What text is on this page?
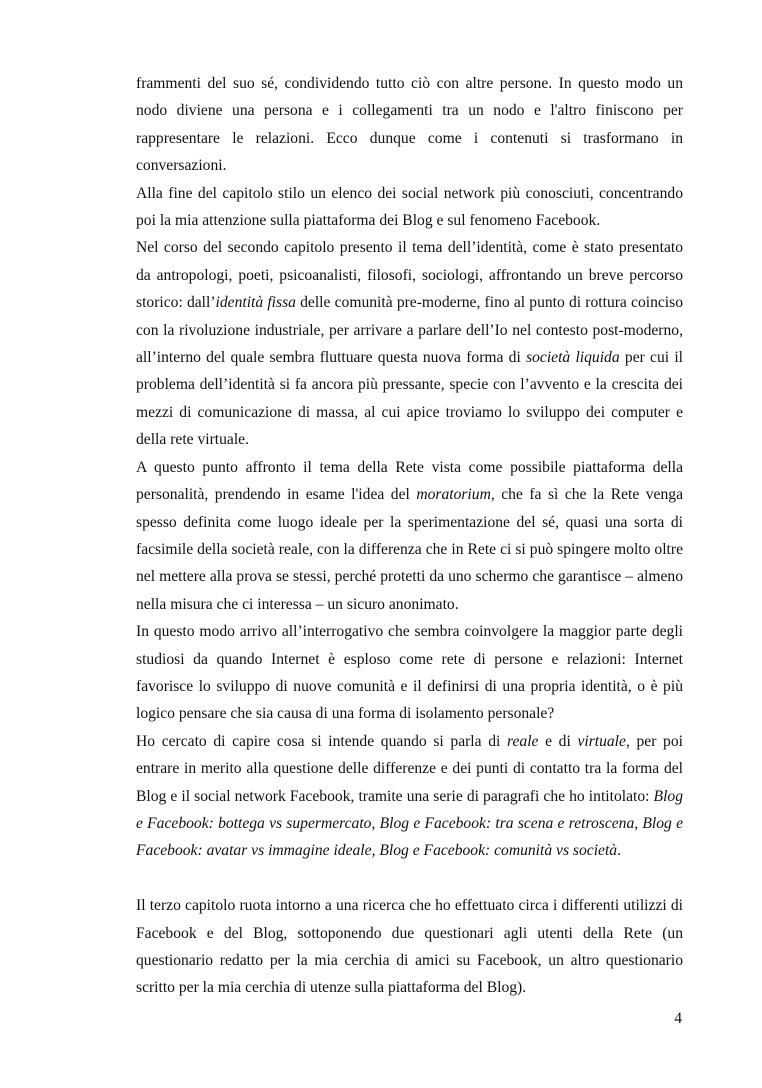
frammenti del suo sé, condividendo tutto ciò con altre persone. In questo modo un nodo diviene una persona e i collegamenti tra un nodo e l'altro finiscono per rappresentare le relazioni. Ecco dunque come i contenuti si trasformano in conversazioni.

Alla fine del capitolo stilo un elenco dei social network più conosciuti, concentrando poi la mia attenzione sulla piattaforma dei Blog e sul fenomeno Facebook.

Nel corso del secondo capitolo presento il tema dell’identità, come è stato presentato da antropologi, poeti, psicoanalisti, filosofi, sociologi, affrontando un breve percorso storico: dall’identità fissa delle comunità pre-moderne, fino al punto di rottura coinciso con la rivoluzione industriale, per arrivare a parlare dell’Io nel contesto post-moderno, all’interno del quale sembra fluttuare questa nuova forma di società liquida per cui il problema dell’identità si fa ancora più pressante, specie con l’avvento e la crescita dei mezzi di comunicazione di massa, al cui apice troviamo lo sviluppo dei computer e della rete virtuale.

A questo punto affronto il tema della Rete vista come possibile piattaforma della personalità, prendendo in esame l'idea del moratorium, che fa sì che la Rete venga spesso definita come luogo ideale per la sperimentazione del sé, quasi una sorta di facsimile della società reale, con la differenza che in Rete ci si può spingere molto oltre nel mettere alla prova se stessi, perché protetti da uno schermo che garantisce – almeno nella misura che ci interessa – un sicuro anonimato.

In questo modo arrivo all’interrogativo che sembra coinvolgere la maggior parte degli studiosi da quando Internet è esploso come rete di persone e relazioni: Internet favorisce lo sviluppo di nuove comunità e il definirsi di una propria identità, o è più logico pensare che sia causa di una forma di isolamento personale?

Ho cercato di capire cosa si intende quando si parla di reale e di virtuale, per poi entrare in merito alla questione delle differenze e dei punti di contatto tra la forma del Blog e il social network Facebook, tramite una serie di paragrafi che ho intitolato: Blog e Facebook: bottega vs supermercato, Blog e Facebook: tra scena e retroscena, Blog e Facebook: avatar vs immagine ideale, Blog e Facebook: comunità vs società.

Il terzo capitolo ruota intorno a una ricerca che ho effettuato circa i differenti utilizzi di Facebook e del Blog, sottoponendo due questionari agli utenti della Rete (un questionario redatto per la mia cerchia di amici su Facebook, un altro questionario scritto per la mia cerchia di utenze sulla piattaforma del Blog).

4
